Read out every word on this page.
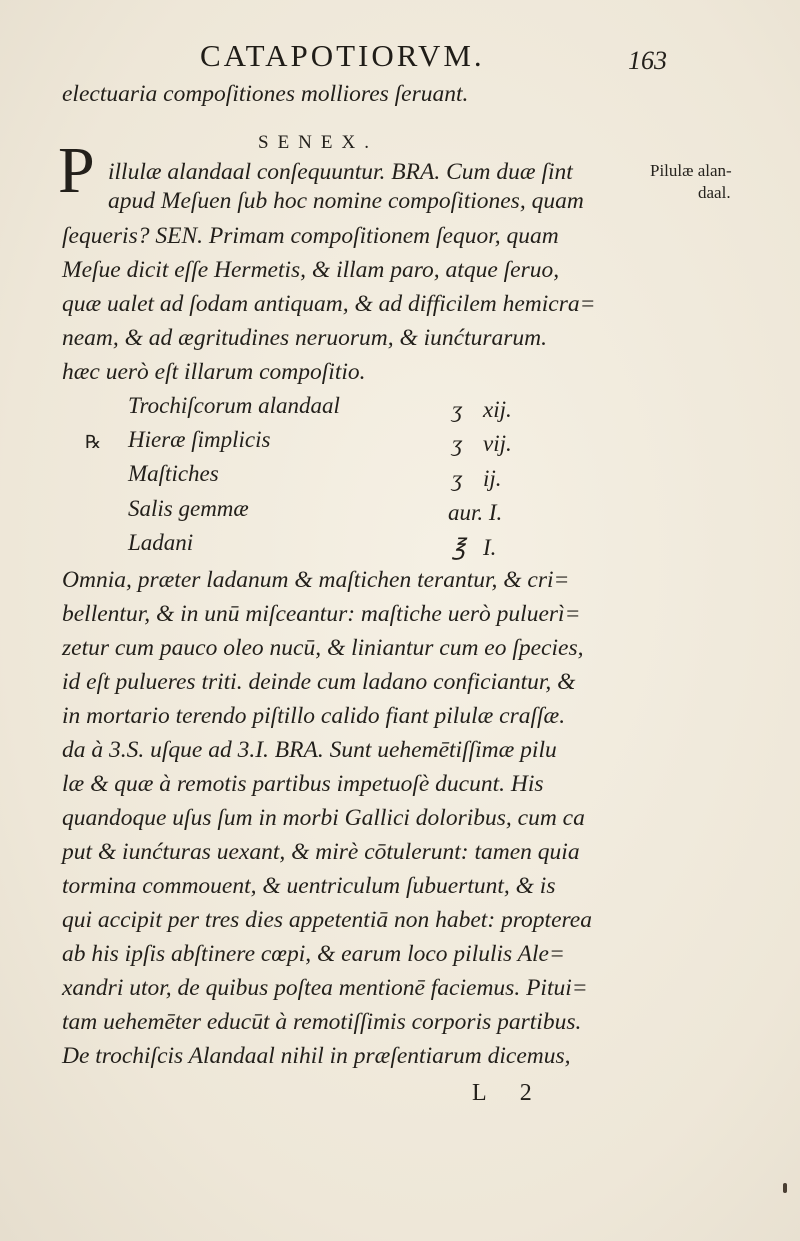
CATAPOTIORVM.	163
electuaria compoſitiones molliores ſeruant.
SENEX.
P	Pilulæ alan-
daal.
illulæ alandaal conſequuntur. BRA. Cum duæ ſint
apud Meſuen ſub hoc nomine compoſitiones, quam
ſequeris? SEN. Primam compoſitionem ſequor, quam
Meſue dicit eſſe Hermetis, & illam paro, atque ſeruo,
quæ ualet ad ſodam antiquam, & ad difficilem hemicra=
neam, & ad ægritudines neruorum, & iunćturarum.
hæc uerò eſt illarum compoſitio.
℞
Trochiſcorum alandaal	ʒ xij.
Hieræ ſimplicis	ʒ vij.
Maſtiches	ʒ ij.
Salis gemmæ	aur. I.
Ladani	℥ I.
Omnia, præter ladanum & maſtichen terantur, & cri=
bellentur, & in unū miſceantur: maſtiche uerò puluerì=
zetur cum pauco oleo nucū, & liniantur cum eo ſpecies,
id eſt pulueres triti. deinde cum ladano conficiantur, &
in mortario terendo piſtillo calido fiant pilulæ craſſæ.
da à 3.S. uſque ad 3.I. BRA. Sunt uehemētiſſimæ pilu
læ & quæ à remotis partibus impetuoſè ducunt. His
quandoque uſus ſum in morbi Gallici doloribus, cum ca
put & iunćturas uexant, & mirè cōtulerunt: tamen quia
tormina commouent, & uentriculum ſubuertunt, & is
qui accipit per tres dies appetentiā non habet: propterea
ab his ipſis abſtinere cœpi, & earum loco pilulis Ale=
xandri utor, de quibus poſtea mentionē faciemus. Pitui=
tam uehemēter educūt à remotiſſimis corporis partibus.
De trochiſcis Alandaal nihil in præſentiarum dicemus,
L 2
